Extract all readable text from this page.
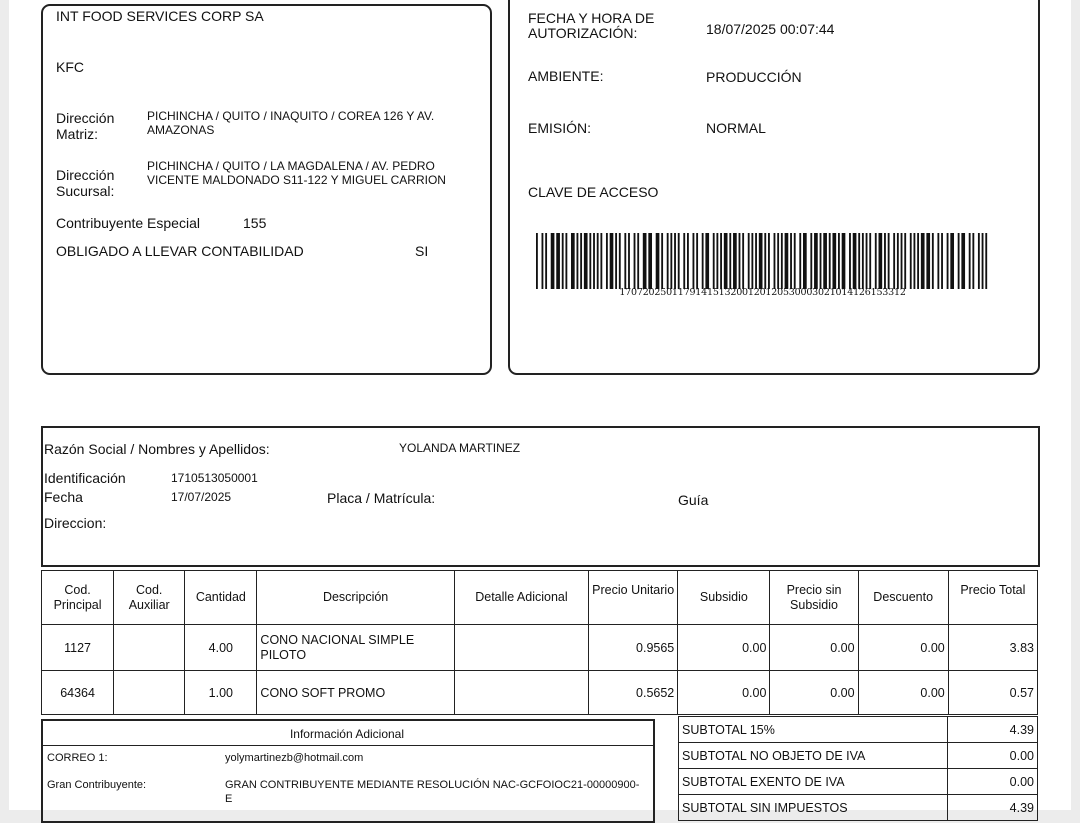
INT FOOD SERVICES CORP SA
KFC
Dirección Matriz:
PICHINCHA / QUITO / INAQUITO / COREA 126 Y AV. AMAZONAS
Dirección Sucursal:
PICHINCHA / QUITO / LA MAGDALENA / AV. PEDRO VICENTE MALDONADO S11-122 Y MIGUEL CARRION
Contribuyente Especial	155
OBLIGADO A LLEVAR CONTABILIDAD	SI
FECHA Y HORA DE AUTORIZACIÓN:	18/07/2025 00:07:44
AMBIENTE:	PRODUCCIÓN
EMISIÓN:	NORMAL
CLAVE DE ACCESO
1707202501179141513200120120530003021014126153312
Razón Social / Nombres y Apellidos:	YOLANDA MARTINEZ
Identificación	1710513050001
Fecha	17/07/2025	Placa / Matrícula:	Guía
Direccion:
Cod. Principal	Cod. Auxiliar	Cantidad	Descripción	Detalle Adicional	Precio Unitario	Subsidio	Precio sin Subsidio	Descuento	Precio Total
1127		4.00	CONO NACIONAL SIMPLE PILOTO		0.9565	0.00	0.00	0.00	3.83
64364		1.00	CONO SOFT PROMO		0.5652	0.00	0.00	0.00	0.57
Información Adicional
CORREO 1:	yolymartinezb@hotmail.com
Gran Contribuyente:	GRAN CONTRIBUYENTE MEDIANTE RESOLUCIÓN NAC-GCFOIOC21-00000900-E
SUBTOTAL 15%	4.39
SUBTOTAL NO OBJETO DE IVA	0.00
SUBTOTAL EXENTO DE IVA	0.00
SUBTOTAL SIN IMPUESTOS	4.39
